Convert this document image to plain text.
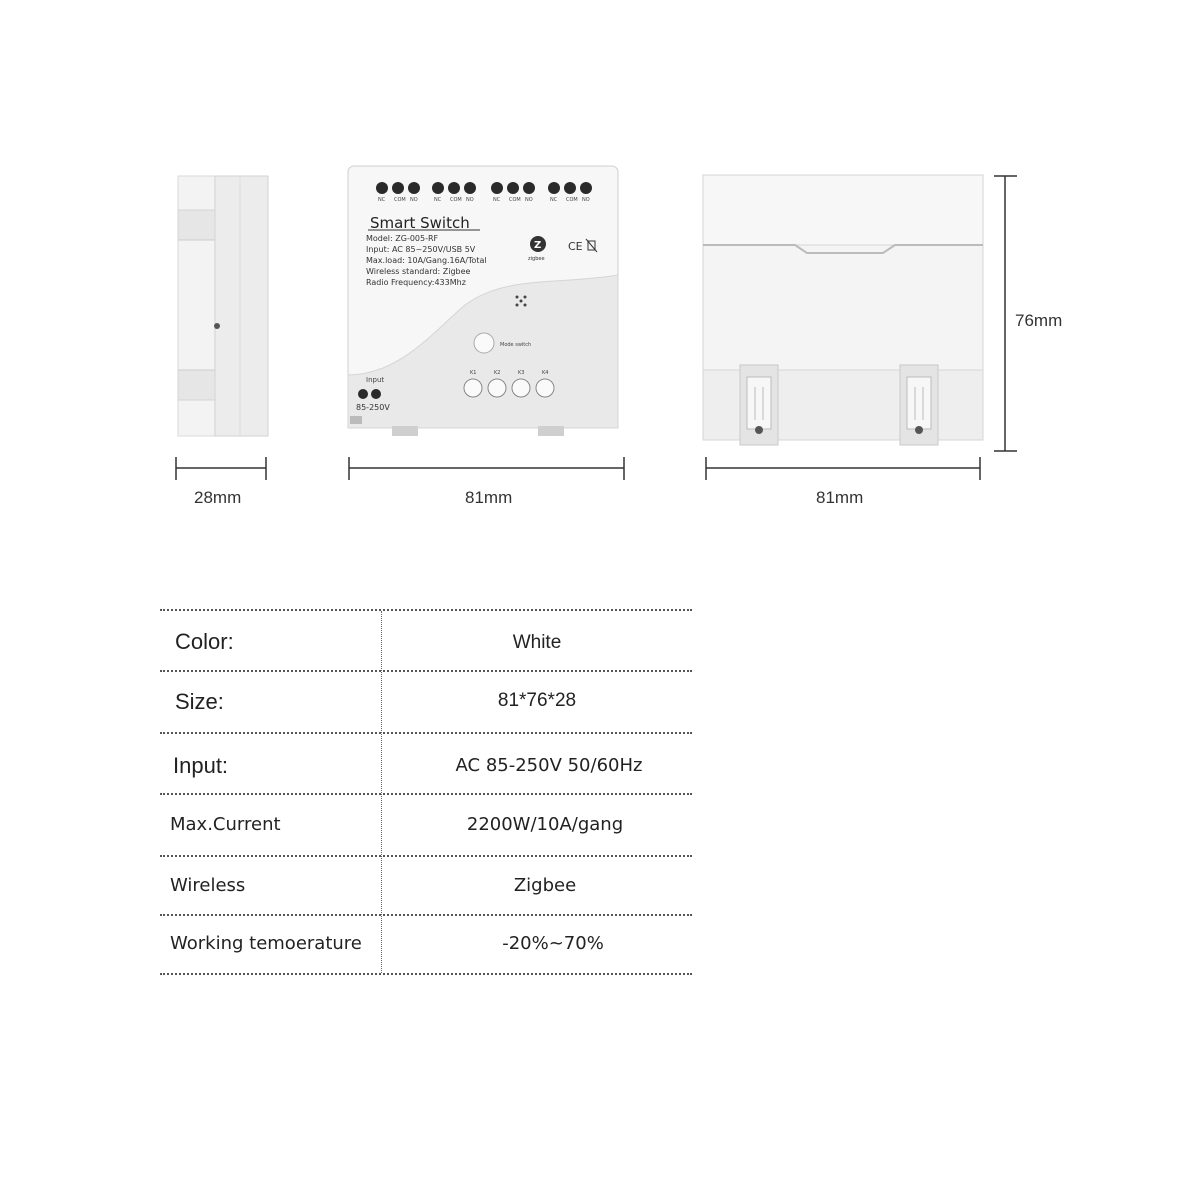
NC COM NO	NC COM NO	NC COM NO	NC COM NO
Smart Switch
Model: ZG-005-RF
Input: AC 85~250V/USB 5V
Max.load: 10A/Gang.16A/Total
Wireless standard: Zigbee
Radio Frequency:433Mhz
Z
zigbee
CE
Mode switch
K1	K2	K3	K4
Input
85-250V
28mm	81mm	81mm
76mm
Color:	White
Size:	81*76*28
Input:	AC 85-250V 50/60Hz
Max.Current	2200W/10A/gang
Wireless	Zigbee
Working temoerature	-20%~70%
